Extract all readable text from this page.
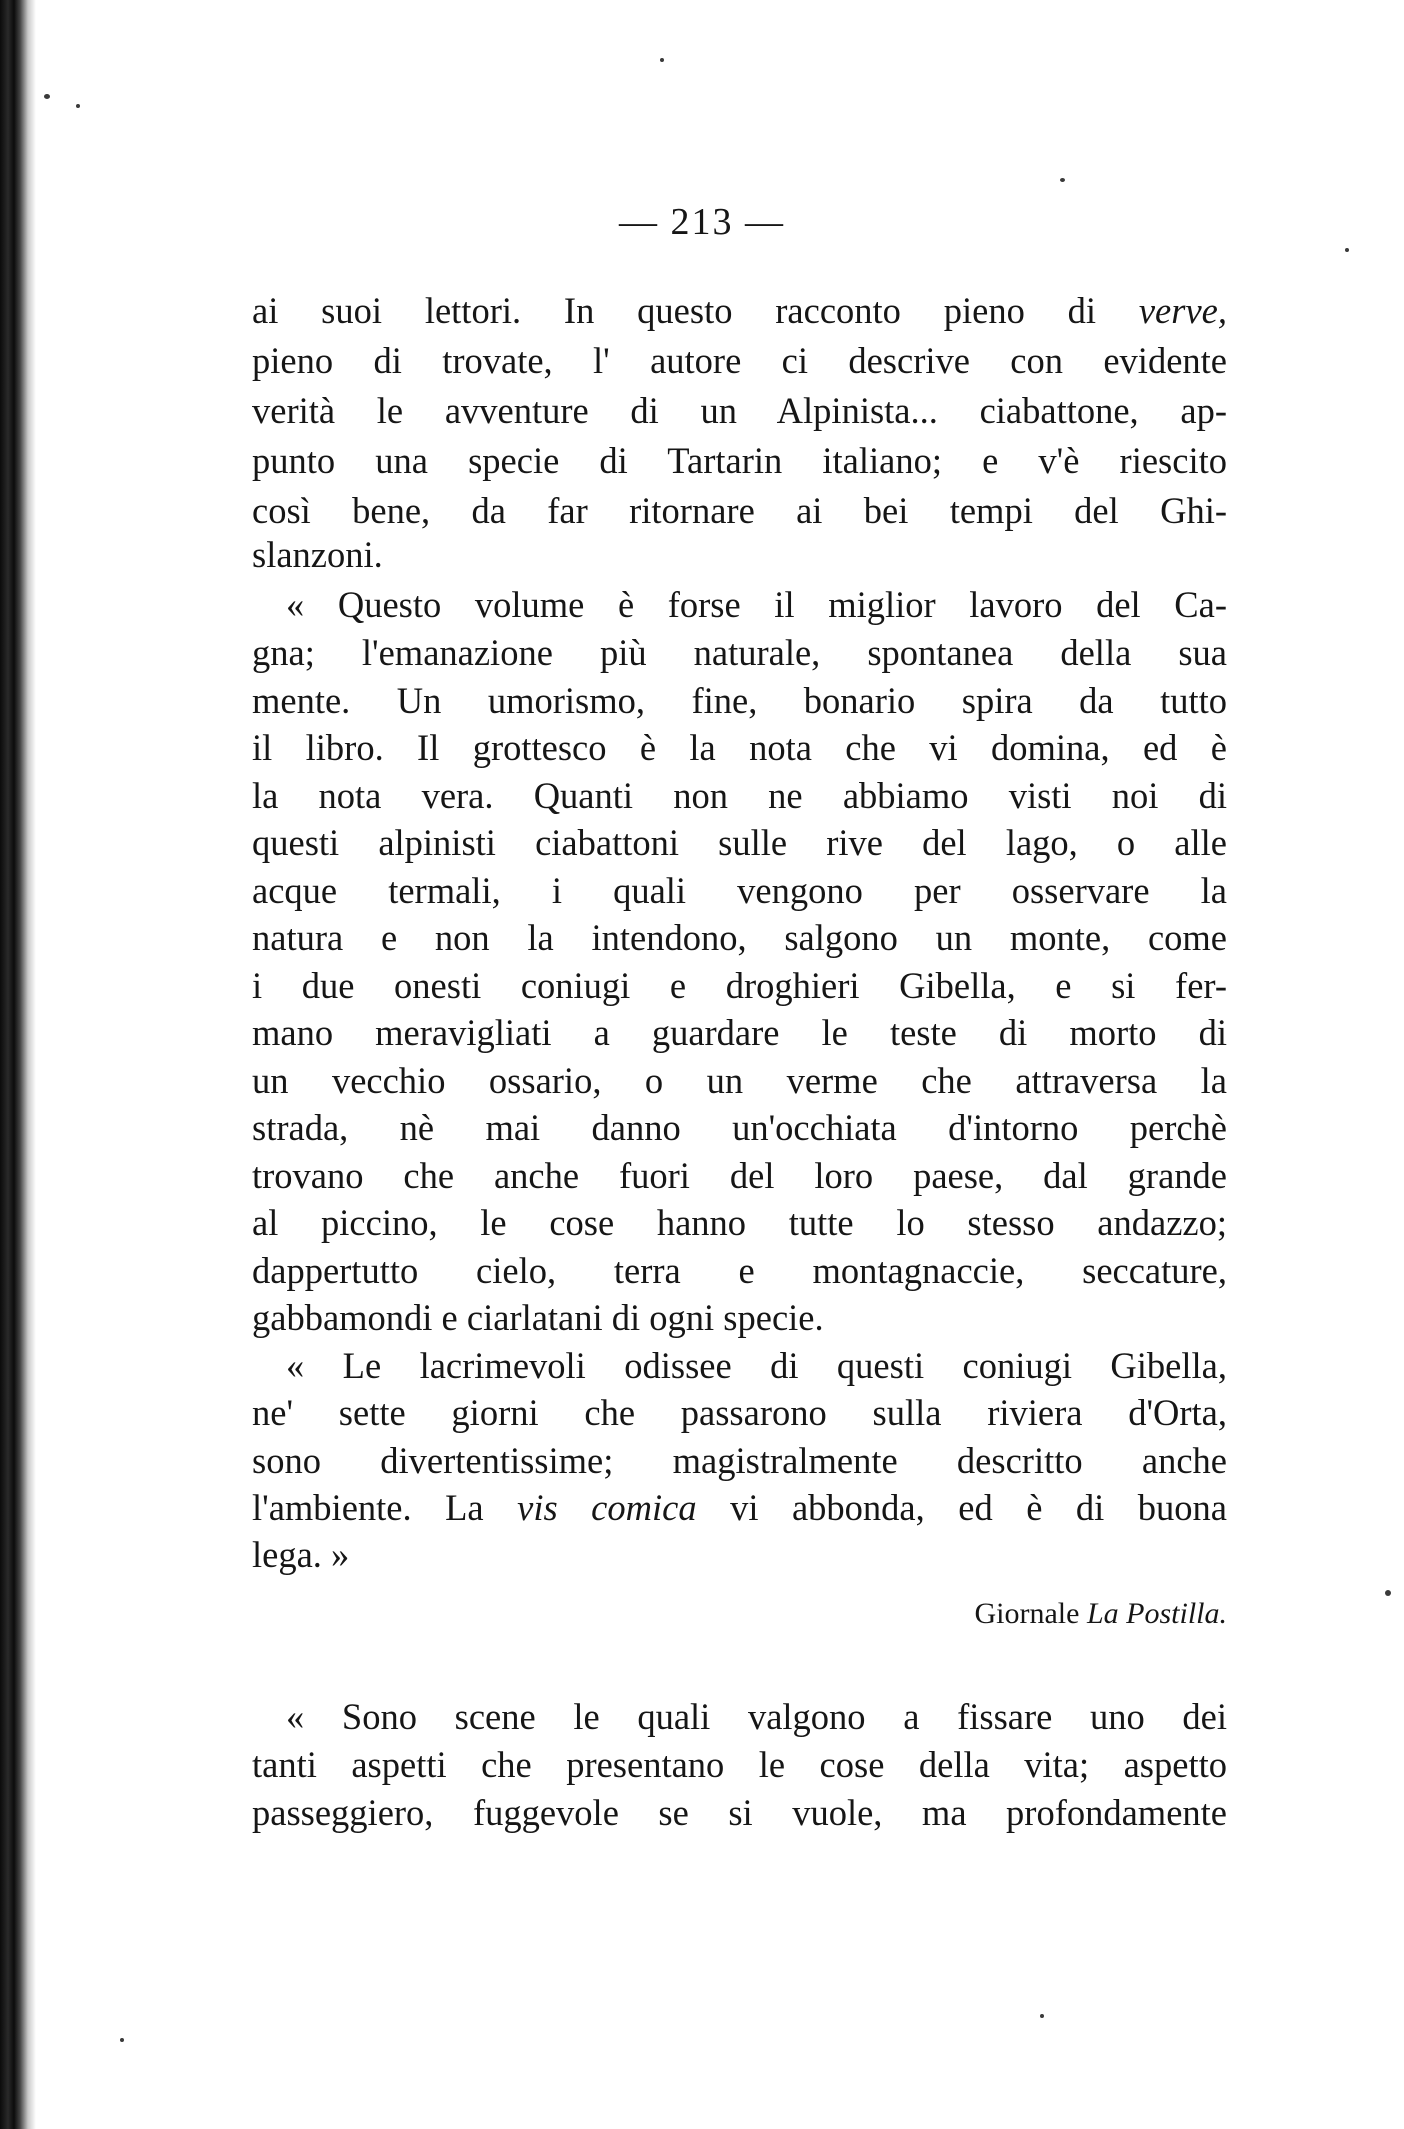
— 213 —
ai suoi lettori. In questo racconto pieno di verve,
pieno di trovate, l' autore ci descrive con evidente
verità le avventure di un Alpinista... ciabattone, ap-
punto una specie di Tartarin italiano; e v'è riescito
così bene, da far ritornare ai bei tempi del Ghi-
slanzoni.
« Questo volume è forse il miglior lavoro del Ca-
gna; l'emanazione più naturale, spontanea della sua
mente. Un umorismo, fine, bonario spira da tutto
il libro. Il grottesco è la nota che vi domina, ed è
la nota vera. Quanti non ne abbiamo visti noi di
questi alpinisti ciabattoni sulle rive del lago, o alle
acque termali, i quali vengono per osservare la
natura e non la intendono, salgono un monte, come
i due onesti coniugi e droghieri Gibella, e si fer-
mano meravigliati a guardare le teste di morto di
un vecchio ossario, o un verme che attraversa la
strada, nè mai danno un'occhiata d'intorno perchè
trovano che anche fuori del loro paese, dal grande
al piccino, le cose hanno tutte lo stesso andazzo;
dappertutto cielo, terra e montagnaccie, seccature,
gabbamondi e ciarlatani di ogni specie.
« Le lacrimevoli odissee di questi coniugi Gibella,
ne' sette giorni che passarono sulla riviera d'Orta,
sono divertentissime; magistralmente descritto anche
l'ambiente. La vis comica vi abbonda, ed è di buona
lega. »
Giornale La Postilla.
« Sono scene le quali valgono a fissare uno dei
tanti aspetti che presentano le cose della vita; aspetto
passeggiero, fuggevole se si vuole, ma profondamente
